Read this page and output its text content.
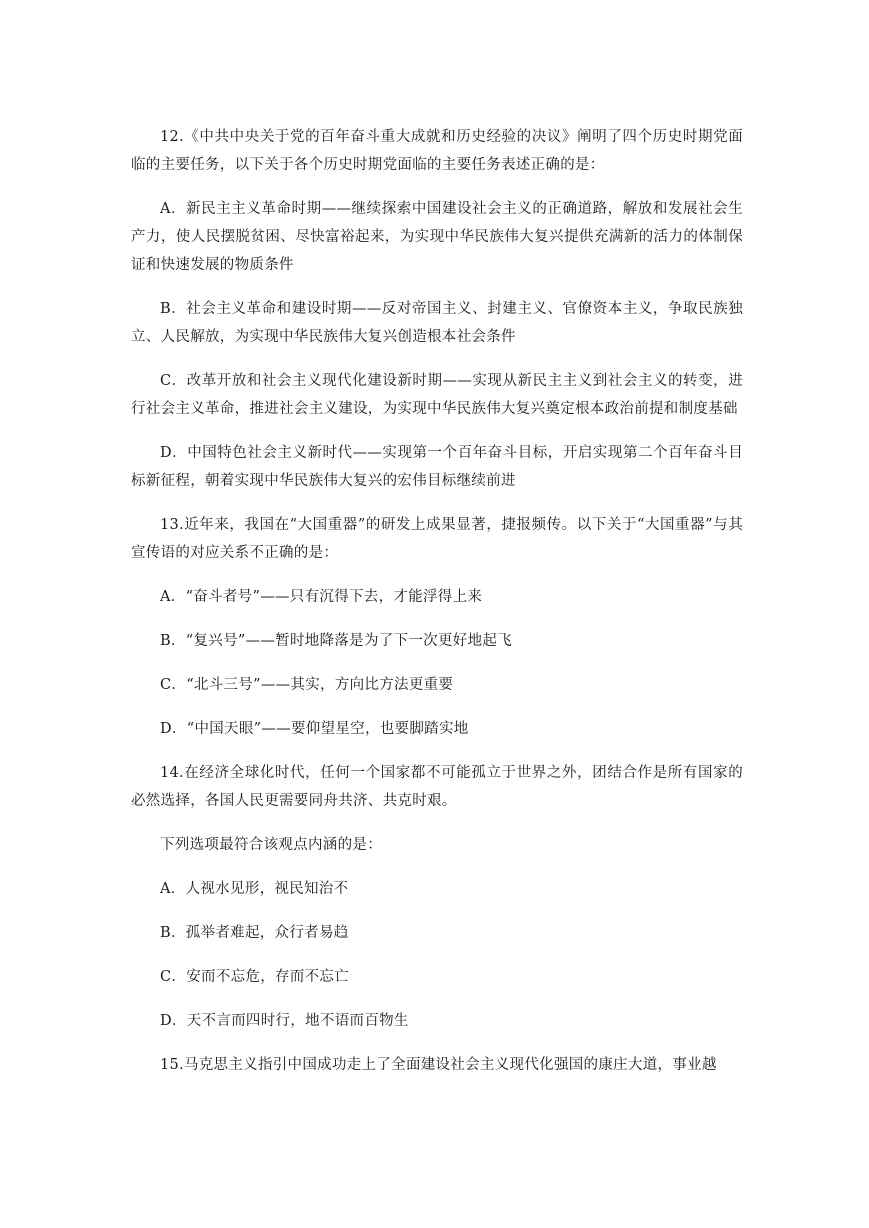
12.《中共中央关于党的百年奋斗重大成就和历史经验的决议》阐明了四个历史时期党面临的主要任务，以下关于各个历史时期党面临的主要任务表述正确的是：

A．新民主主义革命时期——继续探索中国建设社会主义的正确道路，解放和发展社会生产力，使人民摆脱贫困、尽快富裕起来，为实现中华民族伟大复兴提供充满新的活力的体制保证和快速发展的物质条件

B．社会主义革命和建设时期——反对帝国主义、封建主义、官僚资本主义，争取民族独立、人民解放，为实现中华民族伟大复兴创造根本社会条件

C．改革开放和社会主义现代化建设新时期——实现从新民主主义到社会主义的转变，进行社会主义革命，推进社会主义建设，为实现中华民族伟大复兴奠定根本政治前提和制度基础

D．中国特色社会主义新时代——实现第一个百年奋斗目标，开启实现第二个百年奋斗目标新征程，朝着实现中华民族伟大复兴的宏伟目标继续前进

13.近年来，我国在“大国重器”的研发上成果显著，捷报频传。以下关于“大国重器”与其宣传语的对应关系不正确的是：

A．“奋斗者号”——只有沉得下去，才能浮得上来

B．“复兴号”——暂时地降落是为了下一次更好地起飞

C．“北斗三号”——其实，方向比方法更重要

D．“中国天眼”——要仰望星空，也要脚踏实地

14.在经济全球化时代，任何一个国家都不可能孤立于世界之外，团结合作是所有国家的必然选择，各国人民更需要同舟共济、共克时艰。

下列选项最符合该观点内涵的是：

A．人视水见形，视民知治不

B．孤举者难起，众行者易趋

C．安而不忘危，存而不忘亡

D．天不言而四时行，地不语而百物生

15.马克思主义指引中国成功走上了全面建设社会主义现代化强国的康庄大道，事业越
